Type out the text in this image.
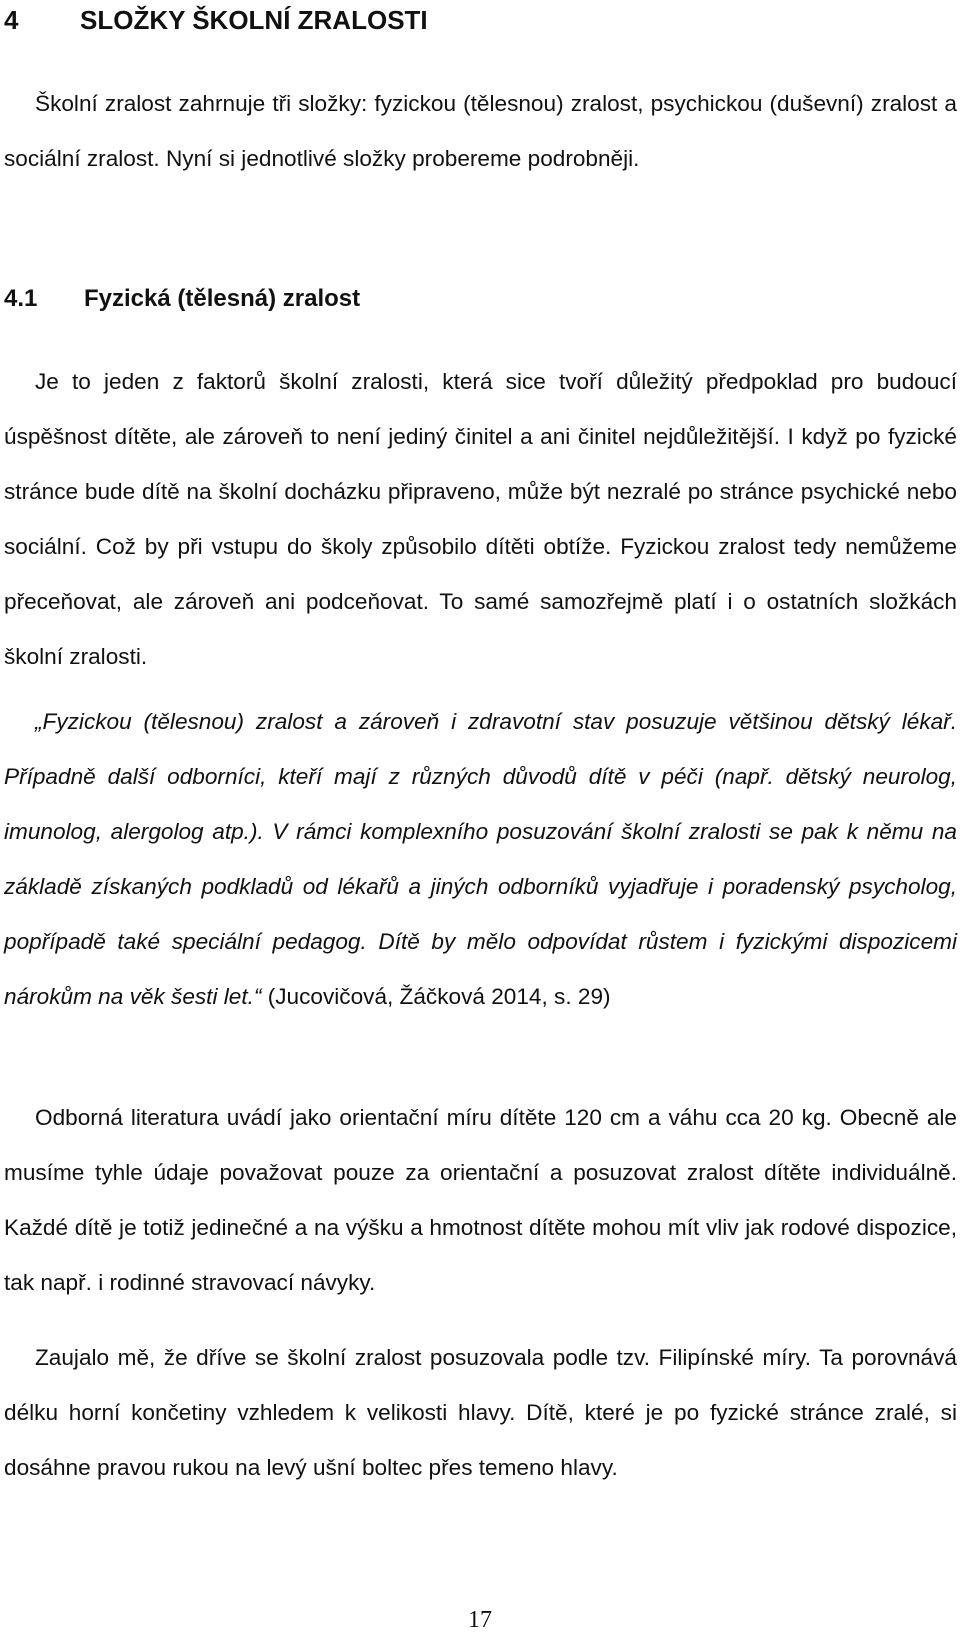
4 SLOŽKY ŠKOLNÍ ZRALOSTI

Školní zralost zahrnuje tři složky: fyzickou (tělesnou) zralost, psychickou (duševní) zralost a sociální zralost. Nyní si jednotlivé složky probereme podrobněji.

4.1 Fyzická (tělesná) zralost

Je to jeden z faktorů školní zralosti, která sice tvoří důležitý předpoklad pro budoucí úspěšnost dítěte, ale zároveň to není jediný činitel a ani činitel nejdůležitější. I když po fyzické stránce bude dítě na školní docházku připraveno, může být nezralé po stránce psychické nebo sociální. Což by při vstupu do školy způsobilo dítěti obtíže. Fyzickou zralost tedy nemůžeme přeceňovat, ale zároveň ani podceňovat. To samé samozřejmě platí i o ostatních složkách školní zralosti.

„Fyzickou (tělesnou) zralost a zároveň i zdravotní stav posuzuje většinou dětský lékař. Případně další odborníci, kteří mají z různých důvodů dítě v péči (např. dětský neurolog, imunolog, alergolog atp.). V rámci komplexního posuzování školní zralosti se pak k němu na základě získaných podkladů od lékařů a jiných odborníků vyjadřuje i poradenský psycholog, popřípadě také speciální pedagog. Dítě by mělo odpovídat růstem i fyzickými dispozicemi nárokům na věk šesti let.“ (Jucovičová, Žáčková 2014, s. 29)

Odborná literatura uvádí jako orientační míru dítěte 120 cm a váhu cca 20 kg. Obecně ale musíme tyhle údaje považovat pouze za orientační a posuzovat zralost dítěte individuálně. Každé dítě je totiž jedinečné a na výšku a hmotnost dítěte mohou mít vliv jak rodové dispozice, tak např. i rodinné stravovací návyky.

Zaujalo mě, že dříve se školní zralost posuzovala podle tzv. Filipínské míry. Ta porovnává délku horní končetiny vzhledem k velikosti hlavy. Dítě, které je po fyzické stránce zralé, si dosáhne pravou rukou na levý ušní boltec přes temeno hlavy.

17
